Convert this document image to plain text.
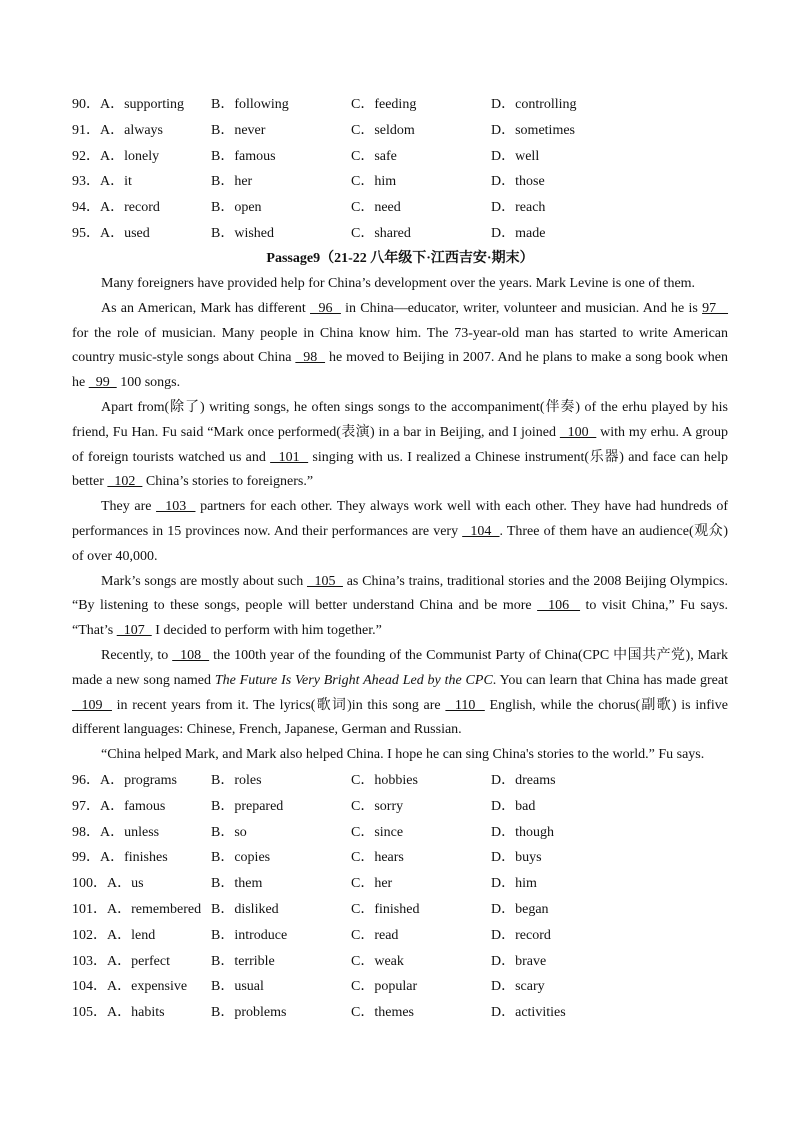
90．A．supporting B．following	C．feeding	D．controlling
91．A．always	B．never	C．seldom	D．sometimes
92．A．lonely	B．famous	C．safe	D．well
93．A．it	B．her	C．him	D．those
94．A．record	B．open	C．need	D．reach
95．A．used	B．wished	C．shared	D．made
Passage9（21-22 八年级下·江西吉安·期末）

Many foreigners have provided help for China’s development over the years. Mark Levine is one of them.

As an American, Mark has different   96   in China—educator, writer, volunteer and musician. And he is 97    for the role of musician. Many people in China know him. The 73-year-old man has started to write American country music-style songs about China   98   he moved to Beijing in 2007. And he plans to make a song book when he   99   100 songs.

Apart from(除了) writing songs, he often sings songs to the accompaniment(伴奏) of the erhu played by his friend, Fu Han. Fu said “Mark once performed(表演) in a bar in Beijing, and I joined   100   with my erhu. A group of foreign tourists watched us and   101   singing with us. I realized a Chinese instrument(乐器) and face can help better   102   China’s stories to foreigners.”

They are   103   partners for each other. They always work well with each other. They have had hundreds of performances in 15 provinces now. And their performances are very   104  . Three of them have an audience(观众) of over 40,000.

Mark’s songs are mostly about such   105   as China’s trains, traditional stories and the 2008 Beijing Olympics. “By listening to these songs, people will better understand China and be more   106   to visit China,” Fu says. “That’s   107   I decided to perform with him together.”

Recently, to   108   the 100th year of the founding of the Communist Party of China(CPC 中国共产党), Mark made a new song named The Future Is Very Bright Ahead Led by the CPC. You can learn that China has made great   109   in recent years from it. The lyrics(歌词)in this song are   110   English, while the chorus(副歌) is infive different languages: Chinese, French, Japanese, German and Russian.

“China helped Mark, and Mark also helped China. I hope he can sing China's stories to the world.” Fu says.

96．A．programs B．roles	C．hobbies	D．dreams
97．A．famous	B．prepared	C．sorry	D．bad
98．A．unless	B．so	C．since	D．though
99．A．finishes	B．copies	C．hears	D．buys
100．A．us	B．them	C．her	D．him
101．A．remembered B．disliked	C．finished	D．began
102．A．lend	B．introduce	C．read	D．record
103．A．perfect	B．terrible	C．weak	D．brave
104．A．expensive B．usual	C．popular	D．scary
105．A．habits	B．problems	C．themes	D．activities
